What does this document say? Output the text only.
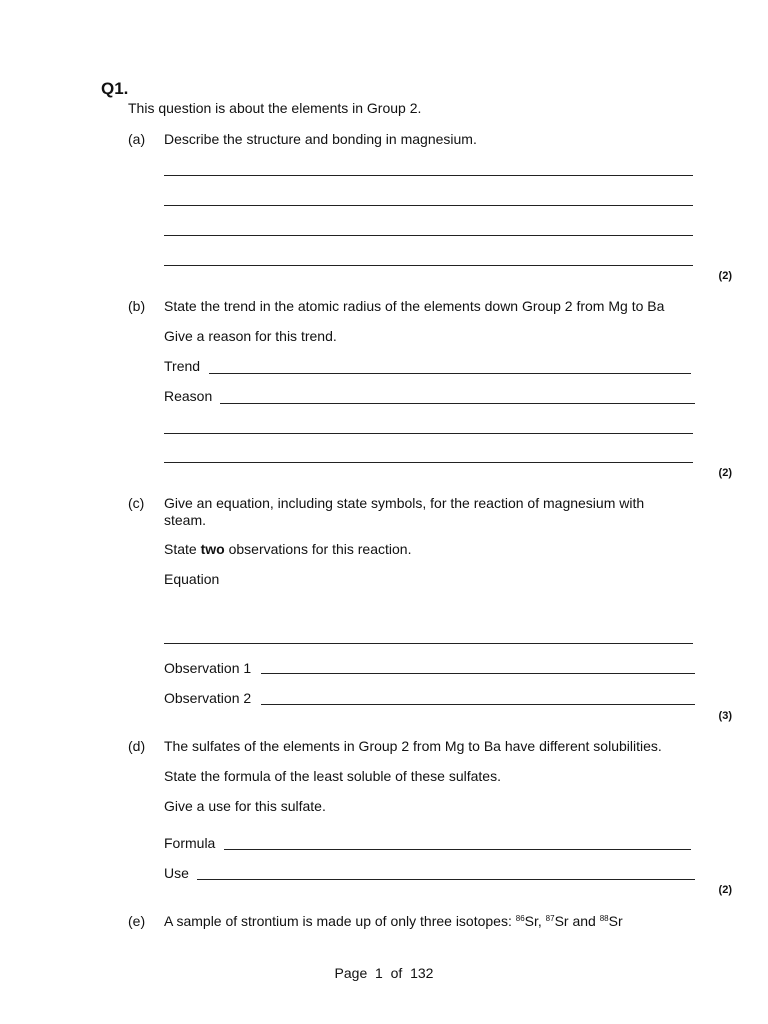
Q1.
This question is about the elements in Group 2.
(a) Describe the structure and bonding in magnesium.
(2)
(b) State the trend in the atomic radius of the elements down Group 2 from Mg to Ba
Give a reason for this trend.
Trend
Reason
(2)
(c) Give an equation, including state symbols, for the reaction of magnesium with
steam.
State two observations for this reaction.
Equation
Observation 1
Observation 2
(3)
(d) The sulfates of the elements in Group 2 from Mg to Ba have different solubilities.
State the formula of the least soluble of these sulfates.
Give a use for this sulfate.
Formula
Use
(2)
(e) A sample of strontium is made up of only three isotopes: $^{86}$Sr, $^{87}$Sr and $^{88}$Sr
Page 1 of 132
